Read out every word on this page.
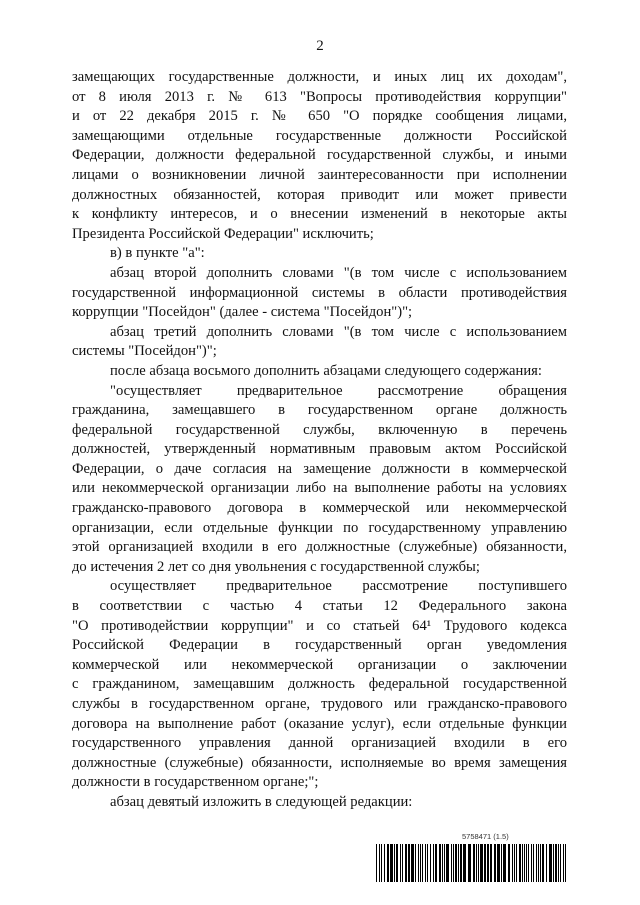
2
замещающих государственные должности, и иных лиц их доходам",
от 8 июля 2013 г. № 613 "Вопросы противодействия коррупции"
и от 22 декабря 2015 г. № 650 "О порядке сообщения лицами,
замещающими отдельные государственные должности Российской
Федерации, должности федеральной государственной службы, и иными
лицами о возникновении личной заинтересованности при исполнении
должностных обязанностей, которая приводит или может привести
к конфликту интересов, и о внесении изменений в некоторые акты
Президента Российской Федерации" исключить;
в) в пункте "а":
абзац второй дополнить словами "(в том числе с использованием
государственной информационной системы в области противодействия
коррупции "Посейдон" (далее - система "Посейдон")";
абзац третий дополнить словами "(в том числе с использованием
системы "Посейдон")";
после абзаца восьмого дополнить абзацами следующего содержания:
"осуществляет предварительное рассмотрение обращения
гражданина, замещавшего в государственном органе должность
федеральной государственной службы, включенную в перечень
должностей, утвержденный нормативным правовым актом Российской
Федерации, о даче согласия на замещение должности в коммерческой
или некоммерческой организации либо на выполнение работы на условиях
гражданско-правового договора в коммерческой или некоммерческой
организации, если отдельные функции по государственному управлению
этой организацией входили в его должностные (служебные) обязанности,
до истечения 2 лет со дня увольнения с государственной службы;
осуществляет предварительное рассмотрение поступившего
в соответствии с частью 4 статьи 12 Федерального закона
"О противодействии коррупции" и со статьей 64¹ Трудового кодекса
Российской Федерации в государственный орган уведомления
коммерческой или некоммерческой организации о заключении
с гражданином, замещавшим должность федеральной государственной
службы в государственном органе, трудового или гражданско-правового
договора на выполнение работ (оказание услуг), если отдельные функции
государственного управления данной организацией входили в его
должностные (служебные) обязанности, исполняемые во время замещения
должности в государственном органе;";
абзац девятый изложить в следующей редакции:
5758471 (1.5)
